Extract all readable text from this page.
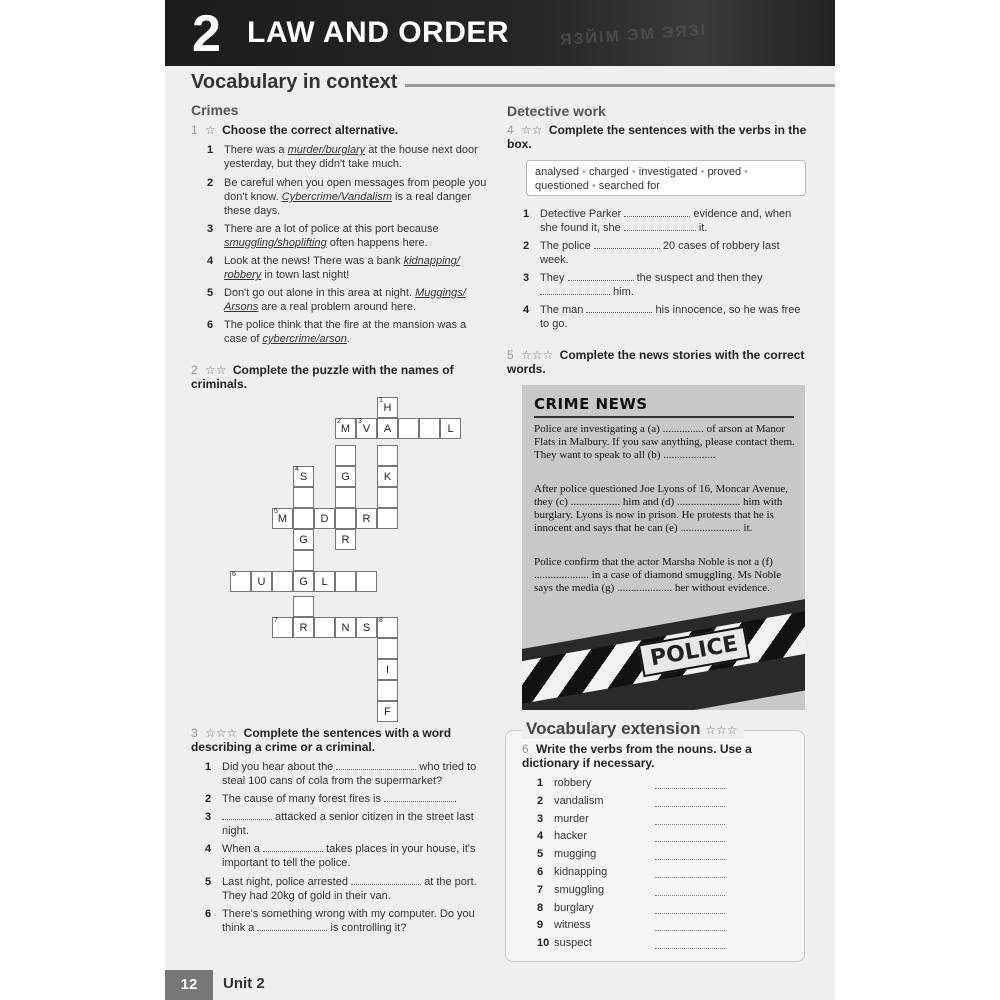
2 LAW AND ORDER	ЯЗЙІМ ЭМ ЭЯЗІ
Vocabulary in context
Crimes
1 ☆ Choose the correct alternative.
1 There was a murder/burglary at the house next door yesterday, but they didn't take much.
2 Be careful when you open messages from people you don't know. Cybercrime/Vandalism is a real danger these days.
3 There are a lot of police at this port because smuggling/shoplifting often happens here.
4 Look at the news! There was a bank kidnapping/ robbery in town last night!
5 Don't go out alone in this area at night. Muggings/ Arsons are a real problem around here.
6 The police think that the fire at the mansion was a case of cybercrime/arson.
2 ☆☆ Complete the puzzle with the names of criminals.
1
H
2
M
3
V	A	L
4
S	G	K
5
M	D	R
G	R
6
U	G	L
7
R	N	S
8
I
F
3 ☆☆☆ Complete the sentences with a word describing a crime or a criminal.
1 Did you hear about the	who tried to steal 100 cans of cola from the supermarket?
2 The cause of many forest fires is	.
3	attacked a senior citizen in the street last night.
4 When a	takes places in your house, it's important to tell the police.
5 Last night, police arrested	at the port. They had 20kg of gold in their van.
6 There's something wrong with my computer. Do you think a	is controlling it?
Detective work
4 ☆☆ Complete the sentences with the verbs in the box.
analysed • charged • investigated • proved • questioned • searched for
1 Detective Parker	evidence and, when she found it, she	it.
2 The police	20 cases of robbery last week.
3 They	the suspect and then they  him.
4 The man	his innocence, so he was free to go.
5 ☆☆☆ Complete the news stories with the correct words.
CRIME NEWS
Police are investigating a (a) ............... of arson at Manor Flats in Malbury. If you saw anything, please contact them. They want to speak to all (b) ...................
After police questioned Joe Lyons of 16, Moncar Avenue, they (c) .................. him and (d) ....................... him with burglary. Lyons is now in prison. He protests that he is innocent and says that he can (e) ...................... it.
Police confirm that the actor Marsha Noble is not a (f) .................... in a case of diamond smuggling. Ms Noble says the media (g) .................... her without evidence.
POLICE
Vocabulary extension ☆☆☆
6 Write the verbs from the nouns. Use a dictionary if necessary.
1 robbery
2 vandalism
3 murder
4 hacker
5 mugging
6 kidnapping
7 smuggling
8 burglary
9 witness
10 suspect
12	Unit 2
